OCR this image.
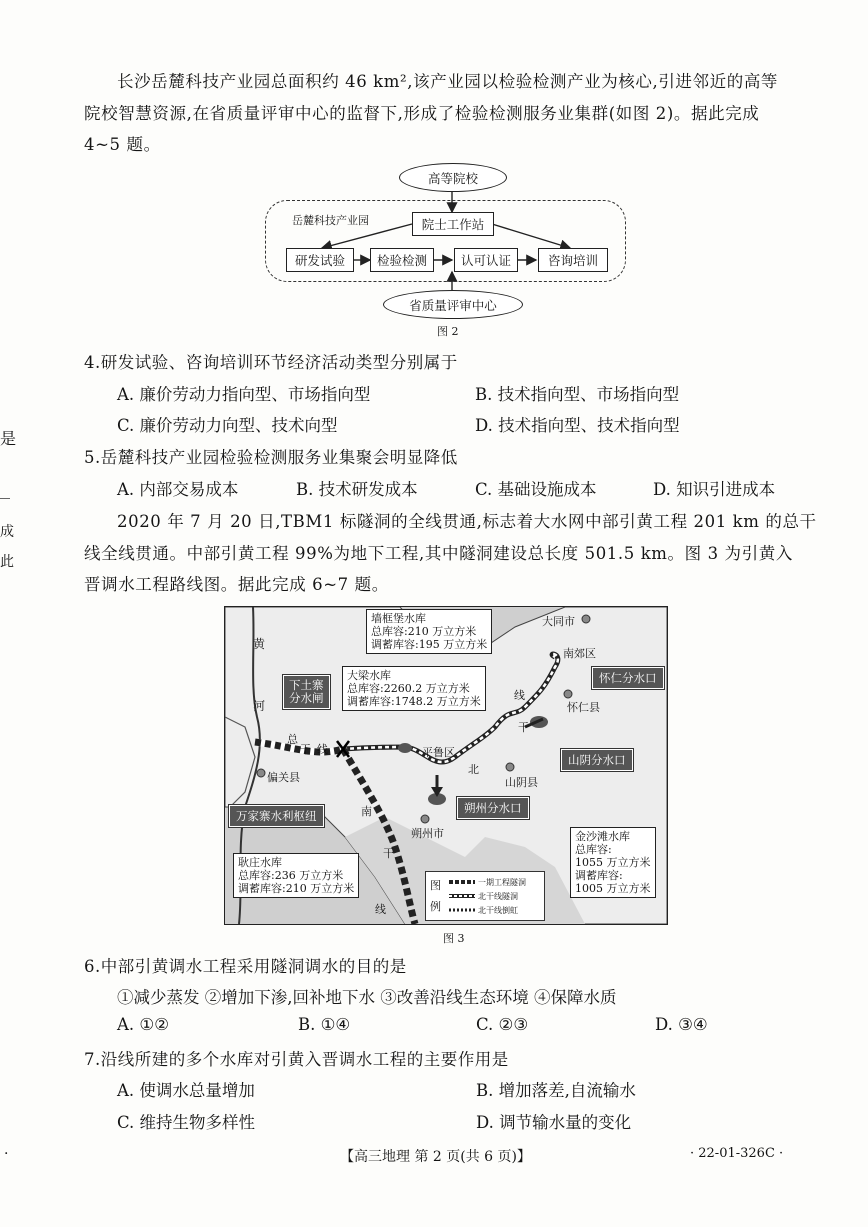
是
成
此
长沙岳麓科技产业园总面积约 46 km²,该产业园以检验检测产业为核心,引进邻近的高等
院校智慧资源,在省质量评审中心的监督下,形成了检验检测服务业集群(如图 2)。据此完成
4~5 题。
高等院校
岳麓科技产业园	院士工作站
研发试验	检验检测	认可认证	咨询培训
省质量评审中心
图 2
4.研发试验、咨询培训环节经济活动类型分别属于
A. 廉价劳动力指向型、市场指向型	B. 技术指向型、市场指向型
C. 廉价劳动力向型、技术向型	D. 技术指向型、技术指向型
5.岳麓科技产业园检验检测服务业集聚会明显降低
A. 内部交易成本	B. 技术研发成本	C. 基础设施成本	D. 知识引进成本
2020 年 7 月 20 日,TBM1 标隧洞的全线贯通,标志着大水网中部引黄工程 201 km 的总干
线全线贯通。中部引黄工程 99%为地下工程,其中隧洞建设总长度 501.5 km。图 3 为引黄入
晋调水工程路线图。据此完成 6~7 题。
墙框堡水库
总库容:210 万立方米
调蓄库容:195 万立方米
大梁水库
总库容:2260.2 万立方米
调蓄库容:1748.2 万立方米
耿庄水库
总库容:236 万立方米
调蓄库容:210 万立方米
金沙滩水库
总库容:
1055 万立方米
调蓄库容:
1005 万立方米
下土寨
分水闸
怀仁分水口
山阴分水口
朔州分水口
万家寨水利枢纽
大同市
南郊区
怀仁县
平鲁区
山阴县
朔州市
偏关县
黄
河
总
干 线
北
干
线
南
干
线
图
例
一期工程隧洞
北干线隧洞
北干线倒虹
图 3
6.中部引黄调水工程采用隧洞调水的目的是
①减少蒸发 ②增加下渗,回补地下水 ③改善沿线生态环境 ④保障水质
A. ①②	B. ①④	C. ②③	D. ③④
7.沿线所建的多个水库对引黄入晋调水工程的主要作用是
A. 使调水总量增加	B. 增加落差,自流输水
C. 维持生物多样性	D. 调节输水量的变化
·	【高三地理 第 2 页(共 6 页)】	· 22-01-326C ·
